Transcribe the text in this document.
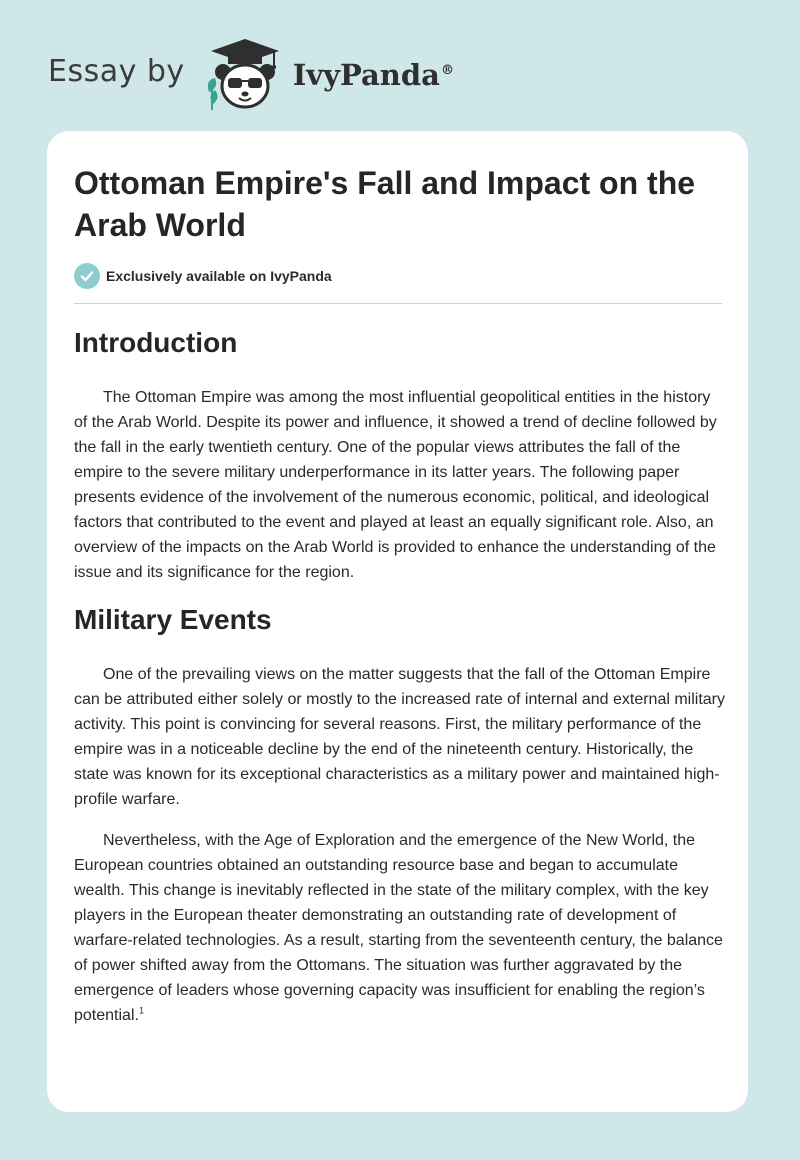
Essay by	IvyPanda®
Ottoman Empire's Fall and Impact on the Arab World
Exclusively available on IvyPanda
Introduction

The Ottoman Empire was among the most influential geopolitical entities in the history of the Arab World. Despite its power and influence, it showed a trend of decline followed by the fall in the early twentieth century. One of the popular views attributes the fall of the empire to the severe military underperformance in its latter years. The following paper presents evidence of the involvement of the numerous economic, political, and ideological factors that contributed to the event and played at least an equally significant role. Also, an overview of the impacts on the Arab World is provided to enhance the understanding of the issue and its significance for the region.

Military Events

One of the prevailing views on the matter suggests that the fall of the Ottoman Empire can be attributed either solely or mostly to the increased rate of internal and external military activity. This point is convincing for several reasons. First, the military performance of the empire was in a noticeable decline by the end of the nineteenth century. Historically, the state was known for its exceptional characteristics as a military power and maintained high-profile warfare.

Nevertheless, with the Age of Exploration and the emergence of the New World, the European countries obtained an outstanding resource base and began to accumulate wealth. This change is inevitably reflected in the state of the military complex, with the key players in the European theater demonstrating an outstanding rate of development of warfare-related technologies. As a result, starting from the seventeenth century, the balance of power shifted away from the Ottomans. The situation was further aggravated by the emergence of leaders whose governing capacity was insufficient for enabling the region’s potential.$^1$
